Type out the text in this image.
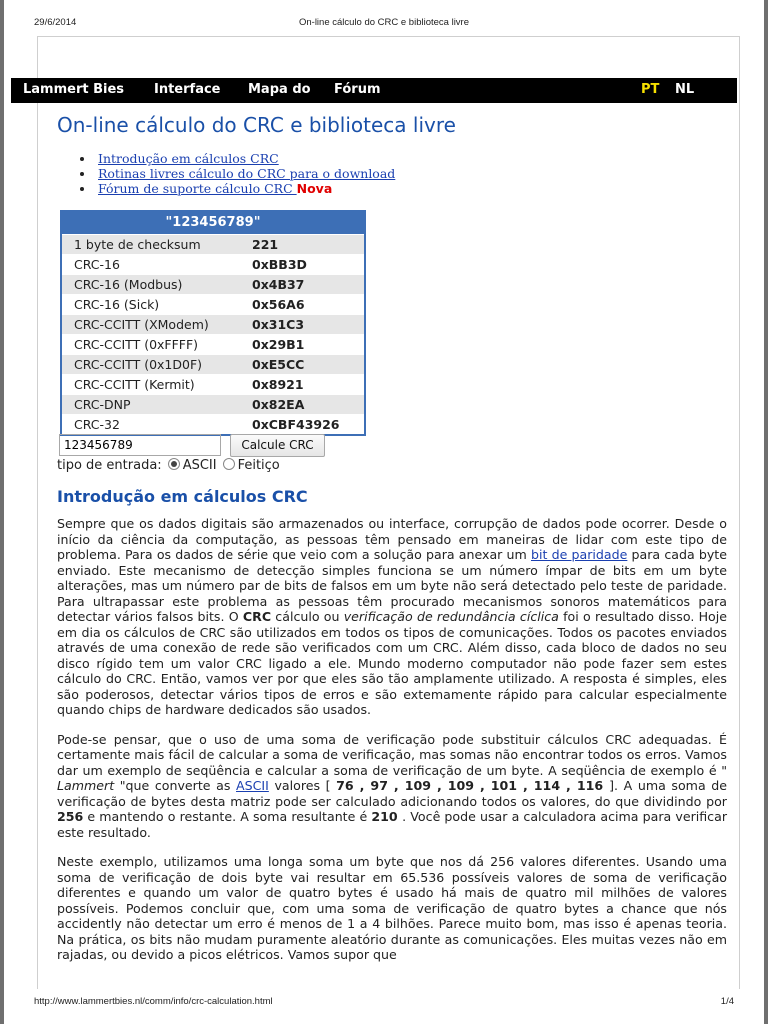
29/6/2014	On-line cálculo do CRC e biblioteca livre
Lammert Bies Interface Mapa do Fórum	PT NL
On-line cálculo do CRC e biblioteca livre
Introdução em cálculos CRC
Rotinas livres cálculo do CRC para o download
Fórum de suporte cálculo CRC Nova
"123456789"
1 byte de checksum	221
CRC-16	0xBB3D
CRC-16 (Modbus)	0x4B37
CRC-16 (Sick)	0x56A6
CRC-CCITT (XModem)	0x31C3
CRC-CCITT (0xFFFF)	0x29B1
CRC-CCITT (0x1D0F)	0xE5CC
CRC-CCITT (Kermit)	0x8921
CRC-DNP	0x82EA
CRC-32	0xCBF43926
123456789	Calcule CRC
tipo de entrada: ASCII Feitiço
Introdução em cálculos CRC

Sempre que os dados digitais são armazenados ou interface, corrupção de dados pode ocorrer. Desde o início da ciência da computação, as pessoas têm pensado em maneiras de lidar com este tipo de problema. Para os dados de série que veio com a solução para anexar um bit de paridade para cada byte enviado. Este mecanismo de detecção simples funciona se um número ímpar de bits em um byte alterações, mas um número par de bits de falsos em um byte não será detectado pelo teste de paridade. Para ultrapassar este problema as pessoas têm procurado mecanismos sonoros matemáticos para detectar vários falsos bits. O CRC cálculo ou verificação de redundância cíclica foi o resultado disso. Hoje em dia os cálculos de CRC são utilizados em todos os tipos de comunicações. Todos os pacotes enviados através de uma conexão de rede são verificados com um CRC. Além disso, cada bloco de dados no seu disco rígido tem um valor CRC ligado a ele. Mundo moderno computador não pode fazer sem estes cálculo do CRC. Então, vamos ver por que eles são tão amplamente utilizado. A resposta é simples, eles são poderosos, detectar vários tipos de erros e são extemamente rápido para calcular especialmente quando chips de hardware dedicados são usados.

Pode-se pensar, que o uso de uma soma de verificação pode substituir cálculos CRC adequadas. É certamente mais fácil de calcular a soma de verificação, mas somas não encontrar todos os erros. Vamos dar um exemplo de seqüência e calcular a soma de verificação de um byte. A seqüência de exemplo é " Lammert "que converte as ASCII valores [ 76 , 97 , 109 , 109 , 101 , 114 , 116 ]. A uma soma de verificação de bytes desta matriz pode ser calculado adicionando todos os valores, do que dividindo por 256 e mantendo o restante. A soma resultante é 210 . Você pode usar a calculadora acima para verificar este resultado.

Neste exemplo, utilizamos uma longa soma um byte que nos dá 256 valores diferentes. Usando uma soma de verificação de dois byte vai resultar em 65.536 possíveis valores de soma de verificação diferentes e quando um valor de quatro bytes é usado há mais de quatro mil milhões de valores possíveis. Podemos concluir que, com uma soma de verificação de quatro bytes a chance que nós accidently não detectar um erro é menos de 1 a 4 bilhões. Parece muito bom, mas isso é apenas teoria. Na prática, os bits não mudam puramente aleatório durante as comunicações. Eles muitas vezes não em rajadas, ou devido a picos elétricos. Vamos supor que

http://www.lammertbies.nl/comm/info/crc-calculation.html	1/4
